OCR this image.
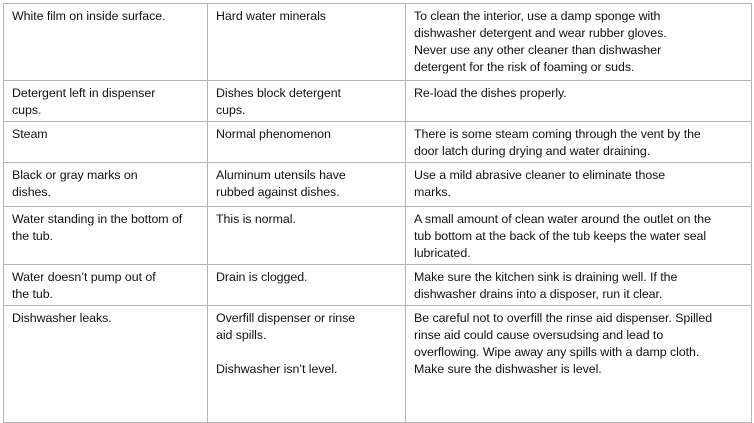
White film on inside surface.	Hard water minerals	To clean the interior, use a damp sponge with
dishwasher detergent and wear rubber gloves.
Never use any other cleaner than dishwasher
detergent for the risk of foaming or suds.

Detergent left in dispenser
cups.	Dishes block detergent
cups.	Re-load the dishes properly.

Steam	Normal phenomenon	There is some steam coming through the vent by the
door latch during drying and water draining.

Black or gray marks on
dishes.	Aluminum utensils have
rubbed against dishes.	Use a mild abrasive cleaner to eliminate those
marks.

Water standing in the bottom of
the tub.	This is normal.	A small amount of clean water around the outlet on the
tub bottom at the back of the tub keeps the water seal
lubricated.

Water doesn’t pump out of
the tub.	Drain is clogged.	Make sure the kitchen sink is draining well. If the
dishwasher drains into a disposer, run it clear.

Dishwasher leaks.	Overfill dispenser or rinse
aid spills.
Dishwasher isn’t level.	Be careful not to overfill the rinse aid dispenser. Spilled
rinse aid could cause oversudsing and lead to
overflowing. Wipe away any spills with a damp cloth.
Make sure the dishwasher is level.
